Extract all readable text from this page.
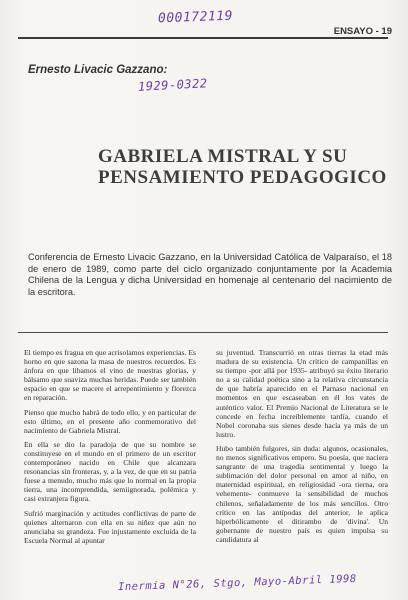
000172119
ENSAYO - 19
Ernesto Livacic Gazzano:
1929-0322
GABRIELA MISTRAL Y SU
PENSAMIENTO PEDAGOGICO
Conferencia de Ernesto Livacic Gazzano, en la Universidad Católica de Valparaíso, el 18 de enero de 1989, como parte del ciclo organizado conjuntamente por la Academia Chilena de la Lengua y dicha Universidad en homenaje al centenario del nacimiento de la escritora.

El tiempo es fragua en que acrisolamos experiencias. Es horno en que sazona la masa de nuestros recuerdos. Es ánfora en que libamos el vino de nuestras glorias, y bálsamo que suaviza muchas heridas. Puede ser también espacio en que se macere el arrepentimiento y florezca en reparación.

Pienso que mucho habrá de todo ello, y en particular de esto último, en el presente año conmemorativo del nacimiento de Gabriela Mistral.

En ella se dio la paradoja de que su nombre se constituyese en el mundo en el primero de un escritor contemporáneo nacido en Chile que alcanzara resonancias sin fronteras, y, a la vez, de que en su patria fuese a menudo, mucho más que lo normal en la propia tierra, una incomprendida, semiignorada, polémica y casi extranjera figura.

Sufrió marginación y actitudes conflictivas de parte de quienes alternaron con ella en su niñez que aún no anunciaba su grandeza. Fue injustamente excluida de la Escuela Normal al apuntar

su juventud. Transcurrió en otras tierras la etad más madura de su existencia. Un crítico de campanillas en su tiempo -por allá por 1935- atribuyó su éxito literario no a su calidad poética sino a la relativa circunstancia de que habría aparecido en el Parnaso nacional en momentos en que escaseaban en él los vates de auténtico valor. El Premio Nacional de Literatura se le concede en fecha increíblemente tardía, cuando el Nobel coronaba sus sienes desde hacía ya más de un lustro.

Hubo también fulgores, sin duda: algunos, ocasionales, no menos significativos empero. Su poesía, que naciera sangrante de una tragedia sentimental y luego la sublimación del dolor personal en amor al niño, en maternidad espiritual, en religiosidad -ora tierna, ora vehemente- conmueve la sensibilidad de muchos chilenos, señaladamente de los más sencillos. Otro crítico en las antípodas del anterior, le aplica hiperbólicamente el ditirambo de 'divina'. Un gobernante de nuestro país es quien impulsa su candidatura al

Inermia N°26, Stgo, Mayo-Abril 1998
